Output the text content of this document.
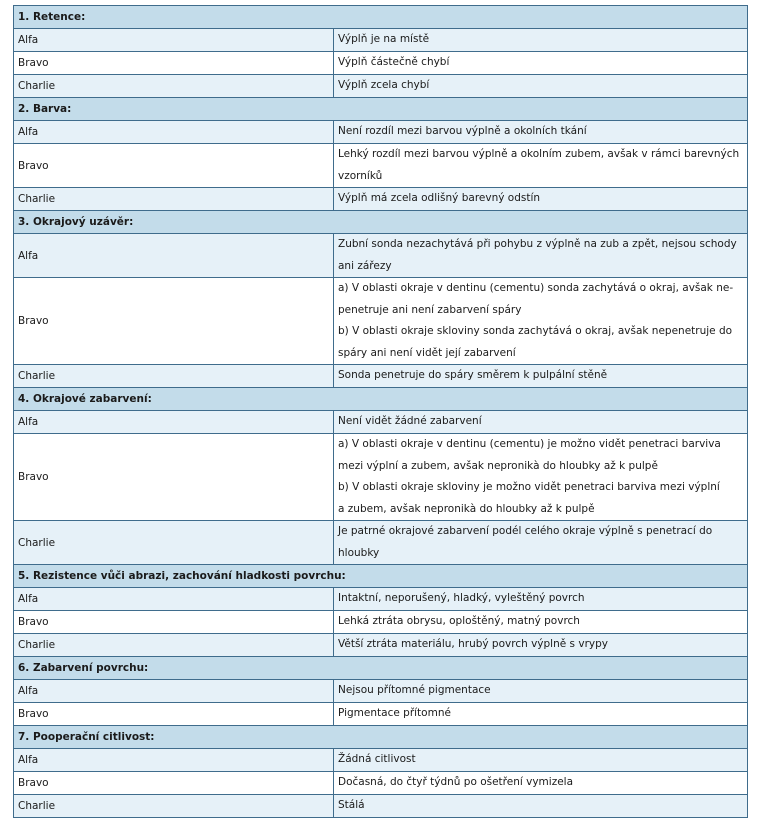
1. Retence:	
Alfa	Výplň je na místě

Bravo	Výplň částečně chybí

Charlie	Výplň zcela chybí

2. Barva:	
Alfa	Není rozdíl mezi barvou výplně a okolních tkání

Bravo	Lehký rozdíl mezi barvou výplně a okolním zubem, avšak v rámci barevných
vzorníků

Charlie	Výplň má zcela odlišný barevný odstín

3. Okrajový uzávěr:	
Alfa	Zubní sonda nezachytává při pohybu z výplně na zub a zpět, nejsou schody
ani zářezy

Bravo	a) V oblasti okraje v dentinu (cementu) sonda zachytává o okraj, avšak ne-
penetruje ani není zabarvení spáry
b) V oblasti okraje skloviny sonda zachytává o okraj, avšak nepenetruje do
spáry ani není vidět její zabarvení

Charlie	Sonda penetruje do spáry směrem k pulpální stěně

4. Okrajové zabarvení:	
Alfa	Není vidět žádné zabarvení

Bravo	a) V oblasti okraje v dentinu (cementu) je možno vidět penetraci barviva
mezi výplní a zubem, avšak nepronikà do hloubky až k pulpě
b) V oblasti okraje skloviny je možno vidět penetraci barviva mezi výplní
a zubem, avšak nepronikà do hloubky až k pulpě

Charlie	Je patrné okrajové zabarvení podél celého okraje výplně s penetrací do
hloubky

5. Rezistence vůči abrazi, zachování hladkosti povrchu:	
Alfa	Intaktní, neporušený, hladký, vyleštěný povrch

Bravo	Lehká ztráta obrysu, oploštěný, matný povrch

Charlie	Větší ztráta materiálu, hrubý povrch výplně s vrypy

6. Zabarvení povrchu:	
Alfa	Nejsou přítomné pigmentace

Bravo	Pigmentace přítomné

7. Pooperační citlivost:	
Alfa	Žádná citlivost

Bravo	Dočasná, do čtyř týdnů po ošetření vymizela

Charlie	Stálá
